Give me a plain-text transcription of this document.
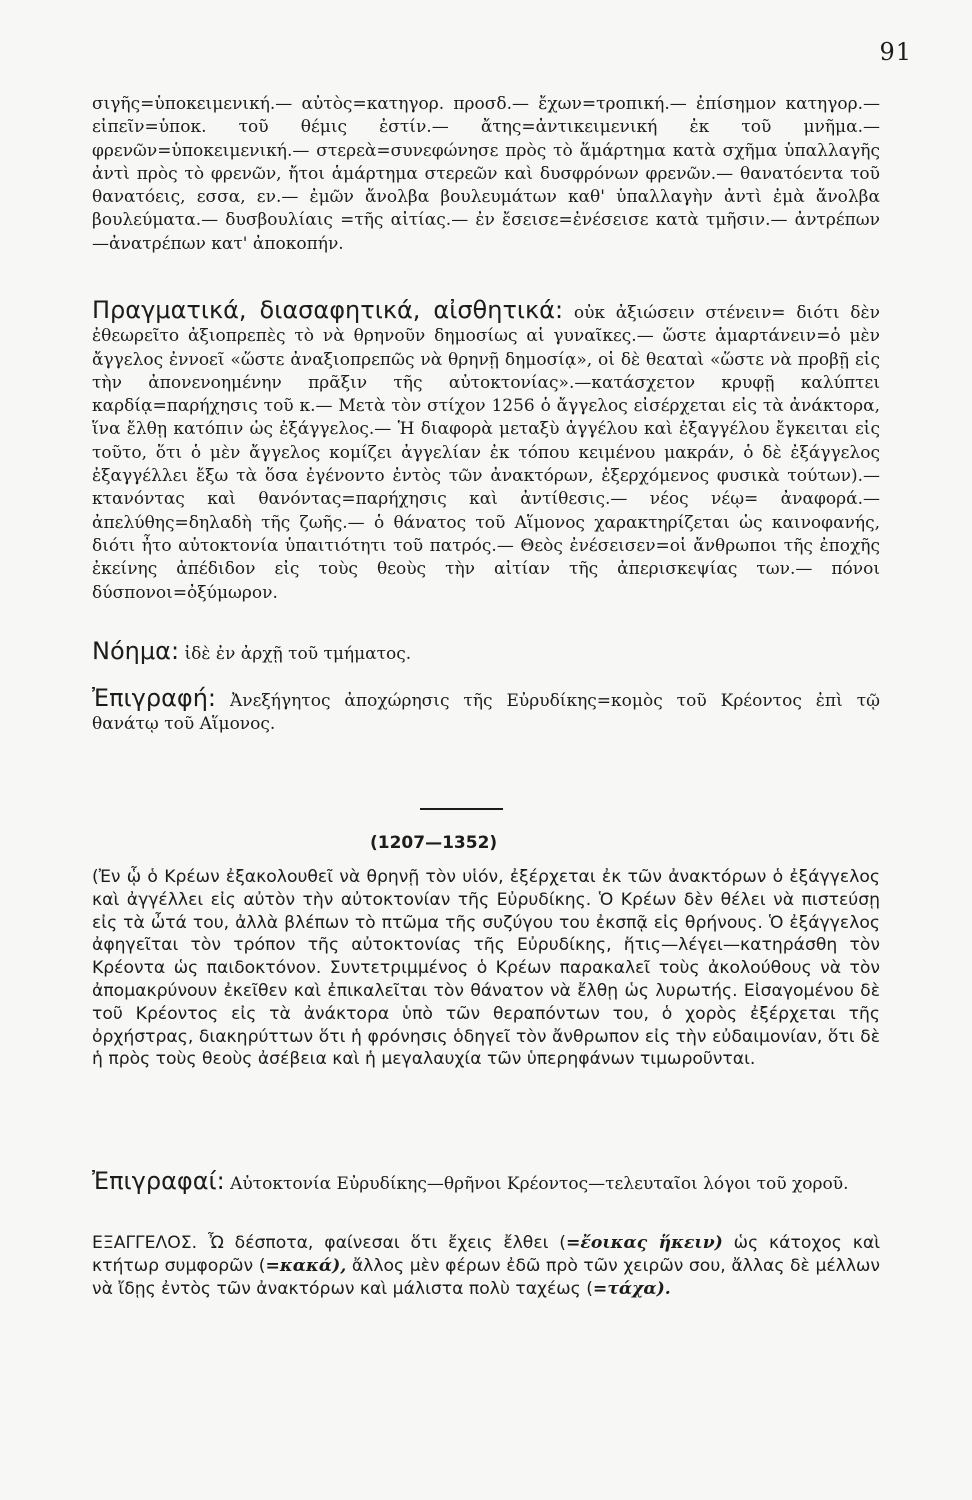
91

σιγῆς=ὑποκειμενική.— αὐτὸς=κατηγορ. προσδ.— ἔχων=τροπική.— ἐπίσημον κατηγορ.— εἰπεῖν=ὑποκ. τοῦ θέμις ἐστίν.— ἄτης=ἀντικειμενική ἐκ τοῦ μνῆμα.— φρενῶν=ὑποκειμενική.— στερεὰ=συνεφώνησε πρὸς τὸ ἅμάρτημα κατὰ σχῆμα ὑπαλλαγῆς ἀντὶ πρὸς τὸ φρενῶν, ἤτοι ἁμάρτημα στερεῶν καὶ δυσφρόνων φρενῶν.— θανατόεντα τοῦ θανατόεις, εσσα, εν.— ἐμῶν ἄνολβα βουλευμάτων καθ' ὑπαλλαγὴν ἀντὶ ἐμὰ ἄνολβα βουλεύματα.— δυσβουλίαις =τῆς αἰτίας.— ἐν ἔσεισε=ἐνέσεισε κατὰ τμῆσιν.— ἀντρέπων—ἀνατρέπων κατ' ἀποκοπήν.

Πραγματικά, διασαφητικά, αἰσθητικά: οὐκ ἀξιώσειν στένειν= διότι δὲν ἐθεωρεῖτο ἀξιοπρεπὲς τὸ νὰ θρηνοῦν δημοσίως αἱ γυναῖκες.— ὥστε ἁμαρτάνειν=ὁ μὲν ἄγγελος ἐννοεῖ «ὥστε ἀναξιοπρεπῶς νὰ θρηνῇ δημοσίᾳ», οἱ δὲ θεαταὶ «ὥστε νὰ προβῇ εἰς τὴν ἀπονενοημένην πρᾶξιν τῆς αὐτοκτονίας».—κατάσχετον κρυφῇ καλύπτει καρδίᾳ=παρήχησις τοῦ κ.— Μετὰ τὸν στίχον 1256 ὁ ἄγγελος εἰσέρχεται εἰς τὰ ἀνάκτορα, ἵνα ἔλθῃ κατόπιν ὡς ἐξάγγελος.— Ἡ διαφορὰ μεταξὺ ἀγγέλου καὶ ἐξαγγέλου ἔγκειται εἰς τοῦτο, ὅτι ὁ μὲν ἄγγελος κομίζει ἀγγελίαν ἐκ τόπου κειμένου μακράν, ὁ δὲ ἐξάγγελος ἐξαγγέλλει ἔξω τὰ ὅσα ἐγένοντο ἐντὸς τῶν ἀνακτόρων, ἐξερχόμενος φυσικὰ τούτων).— κτανόντας καὶ θανόντας=παρήχησις καὶ ἀντίθεσις.— νέος νέῳ= ἀναφορά.— ἀπελύθης=δηλαδὴ τῆς ζωῆς.— ὁ θάνατος τοῦ Αἵμονος χαρακτηρίζεται ὡς καινοφανής, διότι ἦτο αὐτοκτονία ὑπαιτιότητι τοῦ πατρός.— Θεὸς ἐνέσεισεν=οἱ ἄνθρωποι τῆς ἐποχῆς ἐκείνης ἀπέδιδον εἰς τοὺς θεοὺς τὴν αἰτίαν τῆς ἀπερισκεψίας των.— πόνοι δύσπονοι=ὀξύμωρον.

Νόημα: ἰδὲ ἐν ἀρχῇ τοῦ τμήματος.

Ἐπιγραφή: Ἀνεξήγητος ἀποχώρησις τῆς Εὐρυδίκης=κομὸς τοῦ Κρέοντος ἐπὶ τῷ θανάτῳ τοῦ Αἵμονος.

(1207—1352)

(Ἐν ᾧ ὁ Κρέων ἐξακολουθεῖ νὰ θρηνῇ τὸν υἱόν, ἐξέρχεται ἐκ τῶν ἀνακτόρων ὁ ἐξάγγελος καὶ ἀγγέλλει εἰς αὐτὸν τὴν αὐτοκτονίαν τῆς Εὐρυδίκης. Ὁ Κρέων δὲν θέλει νὰ πιστεύσῃ εἰς τὰ ὦτά του, ἀλλὰ βλέπων τὸ πτῶμα τῆς συζύγου του ἐκσπᾷ εἰς θρήνους. Ὁ ἐξάγγελος ἀφηγεῖται τὸν τρόπον τῆς αὐτοκτονίας τῆς Εὐρυδίκης, ἥτις—λέγει—κατηράσθη τὸν Κρέοντα ὡς παιδοκτόνον. Συντετριμμένος ὁ Κρέων παρακαλεῖ τοὺς ἀκολούθους νὰ τὸν ἀπομακρύνουν ἐκεῖθεν καὶ ἐπικαλεῖται τὸν θάνατον νὰ ἔλθῃ ὡς λυρωτής. Εἰσαγομένου δὲ τοῦ Κρέοντος εἰς τὰ ἀνάκτορα ὑπὸ τῶν θεραπόντων του, ὁ χορὸς ἐξέρχεται τῆς ὀρχήστρας, διακηρύττων ὅτι ἡ φρόνησις ὁδηγεῖ τὸν ἄνθρωπον εἰς τὴν εὐδαιμονίαν, ὅτι δὲ ἡ πρὸς τοὺς θεοὺς ἀσέβεια καὶ ἡ μεγαλαυχία τῶν ὑπερηφάνων τιμωροῦνται.

Ἐπιγραφαί: Αὐτοκτονία Εὐρυδίκης—θρῆνοι Κρέοντος—τελευταῖοι λόγοι τοῦ χοροῦ.

ΕΞΑΓΓΕΛΟΣ. Ὦ δέσποτα, φαίνεσαι ὅτι ἔχεις ἔλθει (=ἔοικας ἥκειν) ὡς κάτοχος καὶ κτήτωρ συμφορῶν (=κακά), ἄλλος μὲν φέρων ἐδῶ πρὸ τῶν χειρῶν σου, ἄλλας δὲ μέλλων νὰ ἴδῃς ἐντὸς τῶν ἀνακτόρων καὶ μάλιστα πολὺ ταχέως (=τάχα).
